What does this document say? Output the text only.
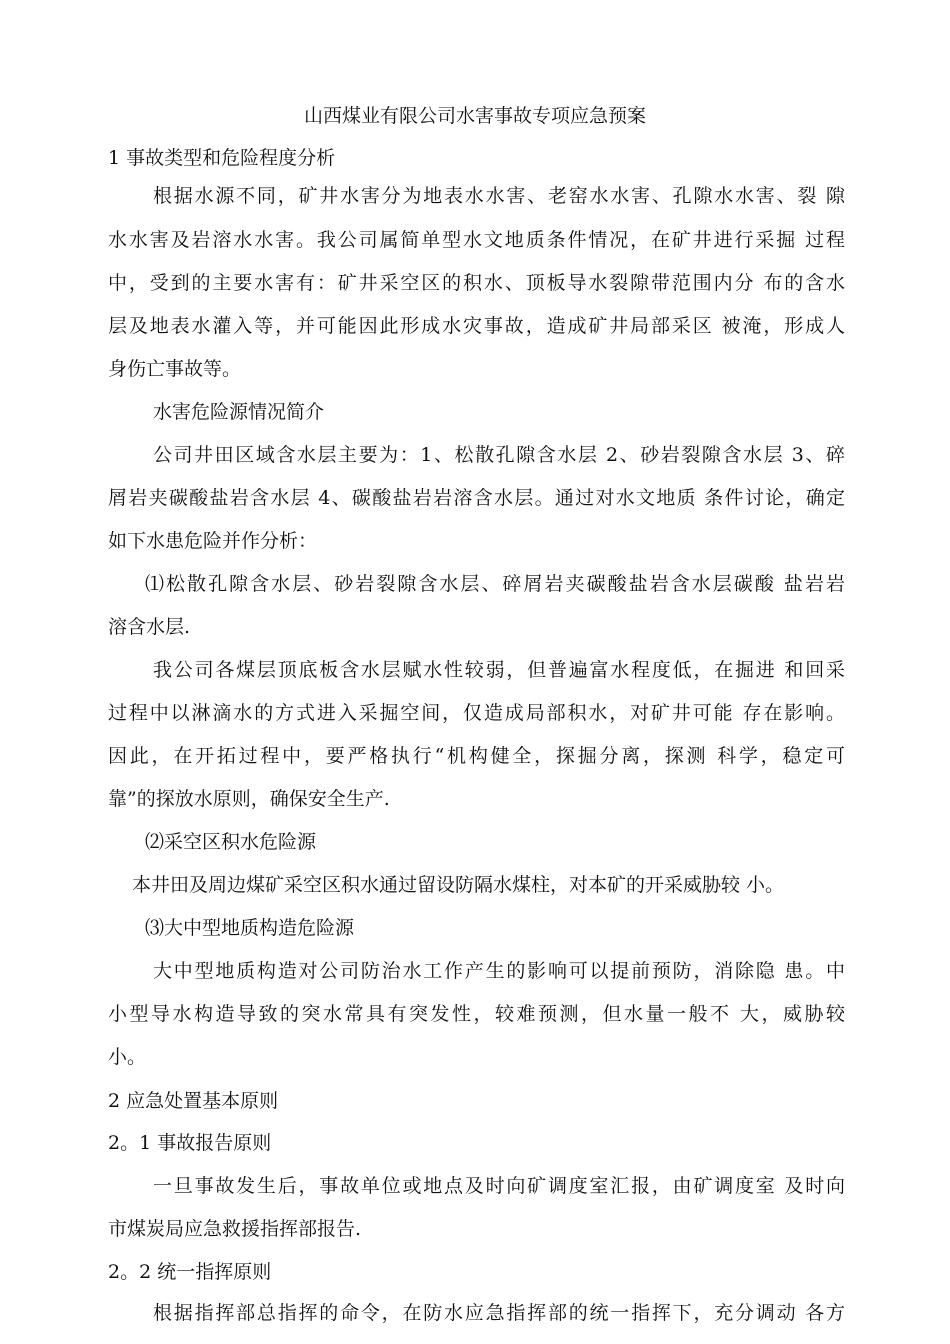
山西煤业有限公司水害事故专项应急预案
1 事故类型和危险程度分析
根据水源不同，矿井水害分为地表水水害、老窑水水害、孔隙水水害、裂 隙
水水害及岩溶水水害。我公司属简单型水文地质条件情况，在矿井进行采掘 过程
中，受到的主要水害有：矿井采空区的积水、顶板导水裂隙带范围内分 布的含水
层及地表水灌入等，并可能因此形成水灾事故，造成矿井局部采区 被淹，形成人
身伤亡事故等。
水害危险源情况简介
公司井田区域含水层主要为：1、松散孔隙含水层 2、砂岩裂隙含水层 3、碎
屑岩夹碳酸盐岩含水层 4、碳酸盐岩岩溶含水层。通过对水文地质 条件讨论，确定
如下水患危险并作分析：
⑴松散孔隙含水层、砂岩裂隙含水层、碎屑岩夹碳酸盐岩含水层碳酸 盐岩岩
溶含水层.
我公司各煤层顶底板含水层赋水性较弱，但普遍富水程度低，在掘进 和回采
过程中以淋滴水的方式进入采掘空间，仅造成局部积水，对矿井可能 存在影响。
因此，在开拓过程中，要严格执行“机构健全，探掘分离，探测 科学，稳定可
靠”的探放水原则，确保安全生产.
⑵采空区积水危险源
本井田及周边煤矿采空区积水通过留设防隔水煤柱，对本矿的开采威胁较 小。
⑶大中型地质构造危险源
大中型地质构造对公司防治水工作产生的影响可以提前预防，消除隐 患。中
小型导水构造导致的突水常具有突发性，较难预测，但水量一般不 大，威胁较
小。
2 应急处置基本原则
2。1 事故报告原则
一旦事故发生后，事故单位或地点及时向矿调度室汇报，由矿调度室 及时向
市煤炭局应急救援指挥部报告.
2。2 统一指挥原则
根据指挥部总指挥的命令，在防水应急指挥部的统一指挥下，充分调动 各方
